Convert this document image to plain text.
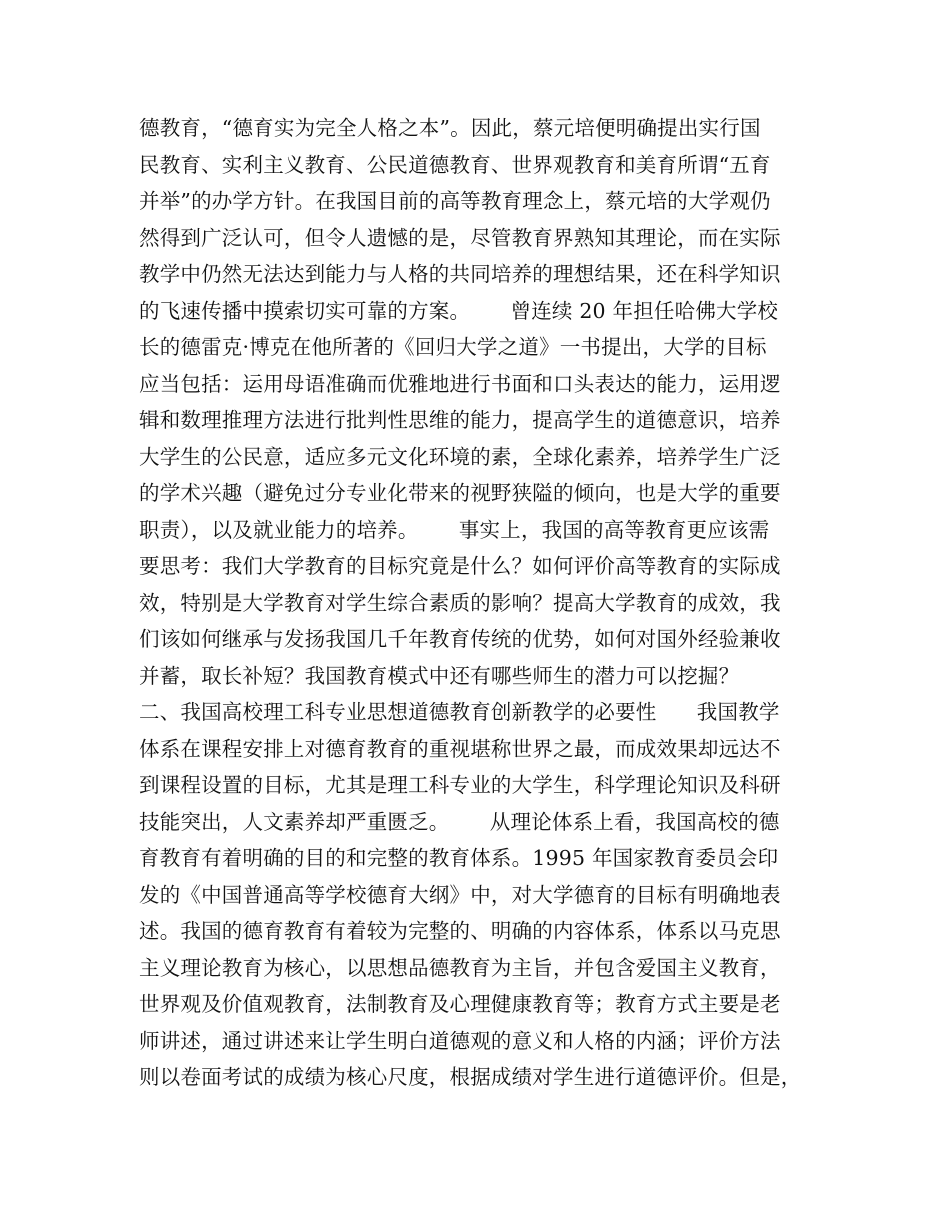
德教育，“德育实为完全人格之本”。因此，蔡元培便明确提出实行国
民教育、实利主义教育、公民道德教育、世界观教育和美育所谓“五育
并举”的办学方针。在我国目前的高等教育理念上，蔡元培的大学观仍
然得到广泛认可，但令人遗憾的是，尽管教育界熟知其理论，而在实际
教学中仍然无法达到能力与人格的共同培养的理想结果，还在科学知识
的飞速传播中摸索切实可靠的方案。      曾连续 20 年担任哈佛大学校
长的德雷克·博克在他所著的《回归大学之道》一书提出，大学的目标
应当包括：运用母语准确而优雅地进行书面和口头表达的能力，运用逻
辑和数理推理方法进行批判性思维的能力，提高学生的道德意识，培养
大学生的公民意，适应多元文化环境的素，全球化素养，培养学生广泛
的学术兴趣（避免过分专业化带来的视野狭隘的倾向，也是大学的重要
职责），以及就业能力的培养。      事实上，我国的高等教育更应该需
要思考：我们大学教育的目标究竟是什么？如何评价高等教育的实际成
效，特别是大学教育对学生综合素质的影响？提高大学教育的成效，我
们该如何继承与发扬我国几千年教育传统的优势，如何对国外经验兼收
并蓄，取长补短？我国教育模式中还有哪些师生的潜力可以挖掘？
二、我国高校理工科专业思想道德教育创新教学的必要性      我国教学
体系在课程安排上对德育教育的重视堪称世界之最，而成效果却远达不
到课程设置的目标，尤其是理工科专业的大学生，科学理论知识及科研
技能突出，人文素养却严重匮乏。      从理论体系上看，我国高校的德
育教育有着明确的目的和完整的教育体系。1995 年国家教育委员会印
发的《中国普通高等学校德育大纲》中，对大学德育的目标有明确地表
述。我国的德育教育有着较为完整的、明确的内容体系，体系以马克思
主义理论教育为核心，以思想品德教育为主旨，并包含爱国主义教育，
世界观及价值观教育，法制教育及心理健康教育等；教育方式主要是老
师讲述，通过讲述来让学生明白道德观的意义和人格的内涵；评价方法
则以卷面考试的成绩为核心尺度，根据成绩对学生进行道德评价。但是，
